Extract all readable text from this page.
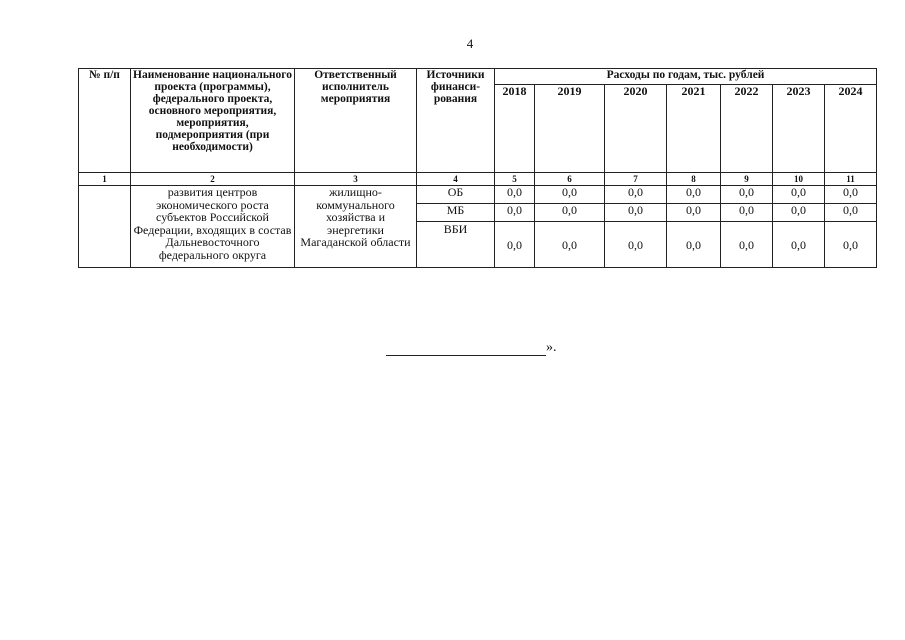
4
№ п/п	Наименование национального проекта (программы), федерального проекта, основного мероприятия, мероприятия, подмероприятия (при необходимости)	Ответственный исполнитель мероприятия	Источники финанси-рования	Расходы по годам, тыс. рублей						
				2018	2019	2020	2021	2022	2023	2024
1	2	3	4	5	6	7	8	9	10	11
	развития центров экономического роста субъектов Российской Федерации, входящих в состав Дальневосточного федерального округа	жилищно-коммунального хозяйства и энергетики Магаданской области	ОБ	0,0	0,0	0,0	0,0	0,0	0,0	0,0
			МБ	0,0	0,0	0,0	0,0	0,0	0,0	0,0
			ВБИ	0,0	0,0	0,0	0,0	0,0	0,0	0,0
».
